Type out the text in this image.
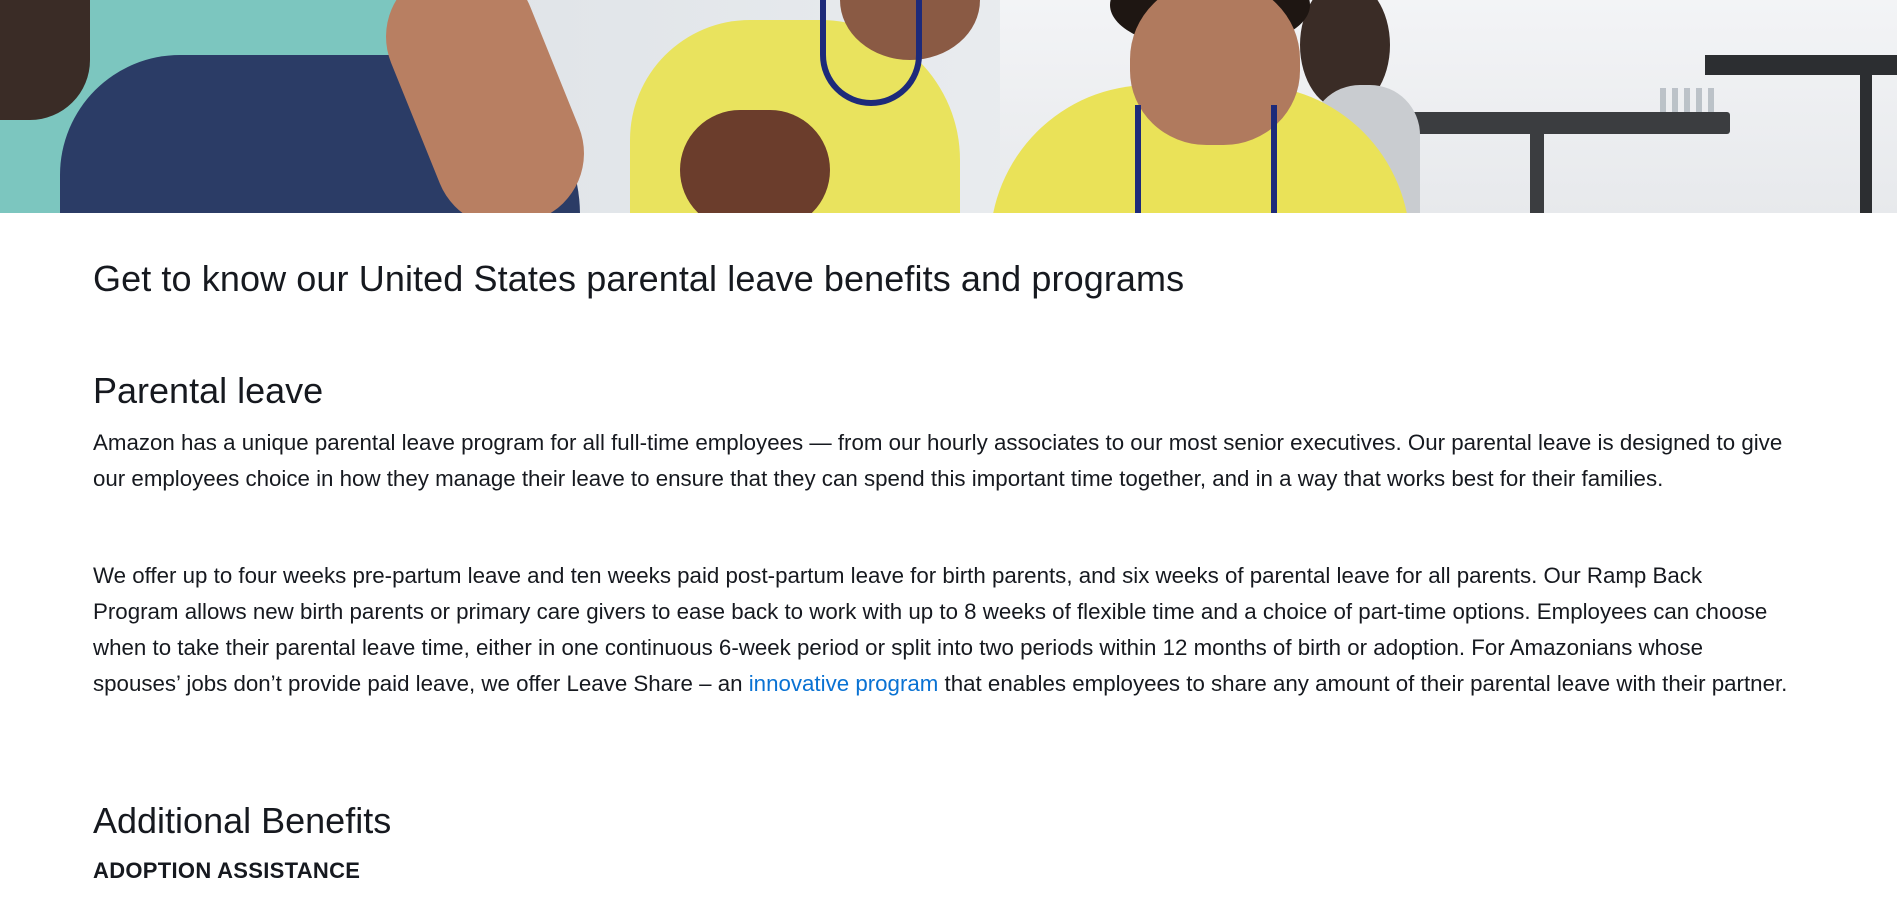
Get to know our United States parental leave benefits and programs
Parental leave

Amazon has a unique parental leave program for all full-time employees — from our hourly associates to our most senior executives. Our parental leave is designed to give our employees choice in how they manage their leave to ensure that they can spend this important time together, and in a way that works best for their families.

We offer up to four weeks pre-partum leave and ten weeks paid post-partum leave for birth parents, and six weeks of parental leave for all parents. Our Ramp Back Program allows new birth parents or primary care givers to ease back to work with up to 8 weeks of flexible time and a choice of part-time options. Employees can choose when to take their parental leave time, either in one continuous 6-week period or split into two periods within 12 months of birth or adoption. For Amazonians whose spouses’ jobs don’t provide paid leave, we offer Leave Share – an innovative program that enables employees to share any amount of their parental leave with their partner.

Additional Benefits
ADOPTION ASSISTANCE
